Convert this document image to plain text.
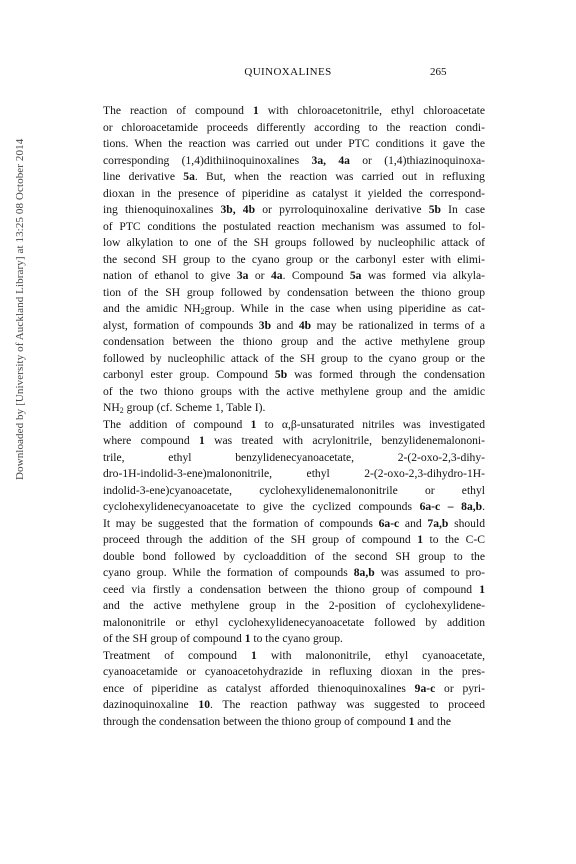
QUINOXALINES	265
Downloaded by [University of Auckland Library] at 13:25 08 October 2014

The reaction of compound 1 with chloroacetonitrile, ethyl chloroacetate
or chloroacetamide proceeds differently according to the reaction condi-
tions. When the reaction was carried out under PTC conditions it gave the
corresponding (1,4)dithiinoquinoxalines 3a, 4a or (1,4)thiazinoquinoxa-
line derivative 5a. But, when the reaction was carried out in refluxing
dioxan in the presence of piperidine as catalyst it yielded the correspond-
ing thienoquinoxalines 3b, 4b or pyrroloquinoxaline derivative 5b In case
of PTC conditions the postulated reaction mechanism was assumed to fol-
low alkylation to one of the SH groups followed by nucleophilic attack of
the second SH group to the cyano group or the carbonyl ester with elimi-
nation of ethanol to give 3a or 4a. Compound 5a was formed via alkyla-
tion of the SH group followed by condensation between the thiono group
and the amidic $NH_2group$. While in the case when using piperidine as cat-
alyst, formation of compounds 3b and 4b may be rationalized in terms of a
condensation between the thiono group and the active methylene group
followed by nucleophilic attack of the SH group to the cyano group or the
carbonyl ester group. Compound 5b was formed through the condensation
of the two thiono groups with the active methylene group and the amidic
$NH_2$ group (cf. Scheme 1, Table I).

The addition of compound 1 to α,β-unsaturated nitriles was investigated
where compound 1 was treated with acrylonitrile, benzylidenemalononi-
trile, ethyl benzylidenecyanoacetate, 2-(2-oxo-2,3-dihy-
dro-1H-indolid-3-ene)malononitrile, ethyl 2-(2-oxo-2,3-dihydro-1H-
indolid-3-ene)cyanoacetate, cyclohexylidenemalononitrile or ethyl
cyclohexylidenecyanoacetate to give the cyclized compounds 6a-c – 8a,b.
It may be suggested that the formation of compounds 6a-c and 7a,b should
proceed through the addition of the SH group of compound 1 to the C-C
double bond followed by cycloaddition of the second SH group to the
cyano group. While the formation of compounds 8a,b was assumed to pro-
ceed via firstly a condensation between the thiono group of compound 1
and the active methylene group in the 2-position of cyclohexylidene-
malononitrile or ethyl cyclohexylidenecyanoacetate followed by addition
of the SH group of compound 1 to the cyano group.

Treatment of compound 1 with malononitrile, ethyl cyanoacetate,
cyanoacetamide or cyanoacetohydrazide in refluxing dioxan in the pres-
ence of piperidine as catalyst afforded thienoquinoxalines 9a-c or pyri-
dazinoquinoxaline 10. The reaction pathway was suggested to proceed
through the condensation between the thiono group of compound 1 and the
